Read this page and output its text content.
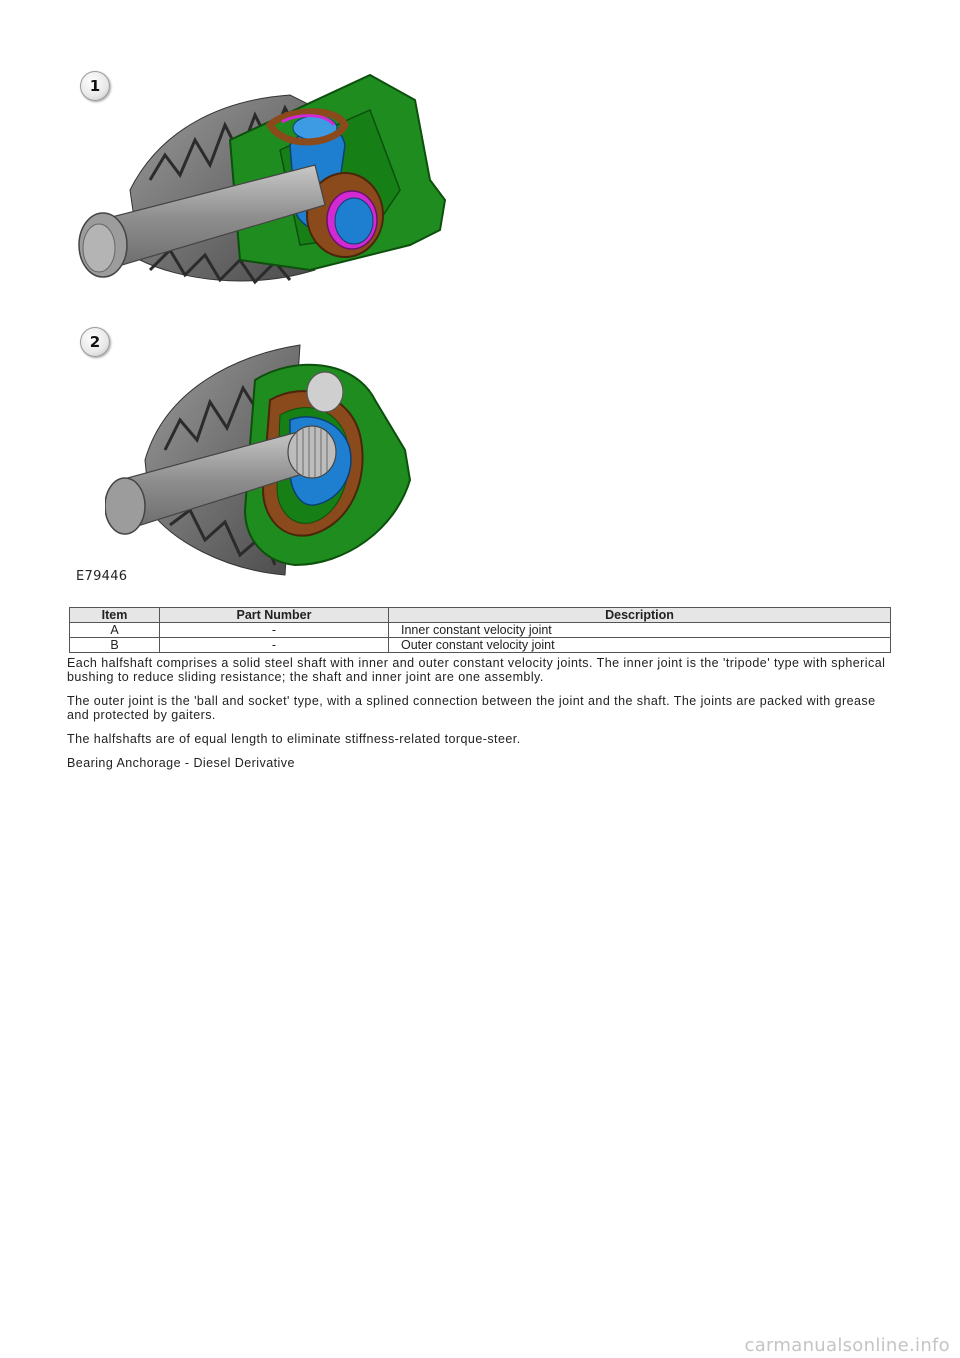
1
2
E79446
Item	Part Number	Description
A	-	Inner constant velocity joint
B	-	Outer constant velocity joint

Each halfshaft comprises a solid steel shaft with inner and outer constant velocity joints. The inner joint is the 'tripode' type with spherical bushing to reduce sliding resistance; the shaft and inner joint are one assembly.

The outer joint is the 'ball and socket' type, with a splined connection between the joint and the shaft. The joints are packed with grease and protected by gaiters.

The halfshafts are of equal length to eliminate stiffness-related torque-steer.

Bearing Anchorage - Diesel Derivative

carmanualsonline.info
